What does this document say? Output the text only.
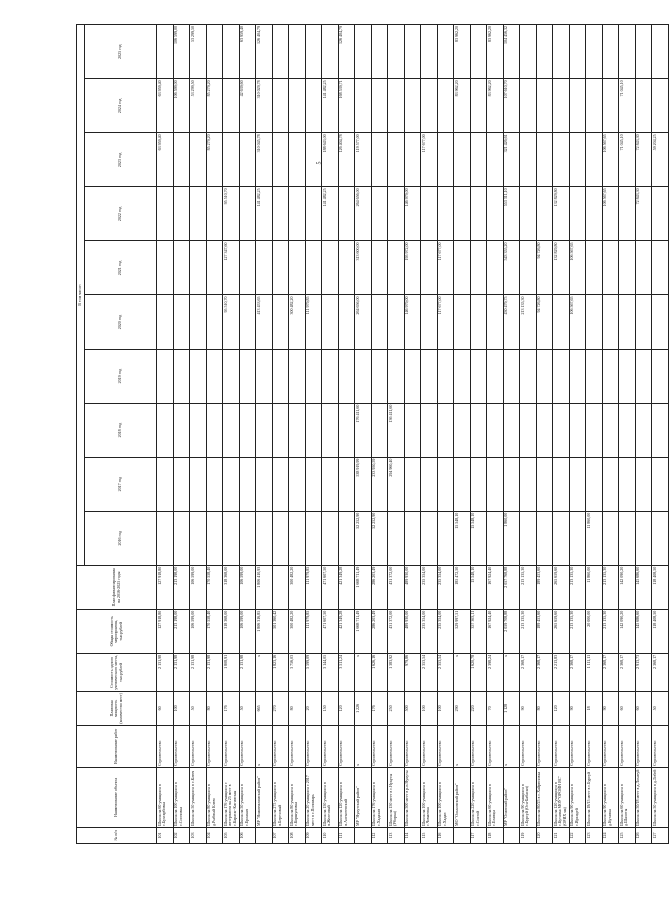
5
№ п/п	Наименование объекта	Наименование работ	Плановая мощность (количество мест)	Стоимость одного ученического места, тыс.рублей	Общая стоимость мероприятия, тыс.рублей	План финансирования на 2016-2025 годы	В том числе:									
							2016 год	2017 год	2018 год	2019 год	2020 год	2021 год	2022 год	2023 год	2024 год	2025 год
101	Школа на 60 учащихся в с.Бухтарбовка	Строительство	60	2 131,98	127 918,80	127 918,80								63 959,40	63 959,40	
102	Школа на 100 учащихся в с.Сосновка	Строительство	100	2 131,98	213 198,00	213 198,00									106 599,00	106 599,00
103	Школа на 50 учащихся в с.Ключ	Строительство	50	2 131,98	106 599,00	106 599,00									53 299,50	53 299,50
104	Школа на 80 учащихся в д.Рыбный Ключ	Строительство	80	2 131,98	170 558,40	170 558,40								85 279,20	85 279,20	
105	Школа на 176 учащихся с интернатом на 25 мест в с.Каратаг-Кигинская	Строительство	176	1 808,91	318 368,00	318 368,00					95 510,70	127 347,60	95 510,70			
106	Школа на 50 учащихся в с.Ерлакан	Строительство	50	2 131,98	106 599,00	106 599,00									42 639,60	63 959,40
	МР "Нижнеилимский район"	х	665	х	1 806 316,85	1 806 410,93					413 453,65		141 482,25	310 045,78	310 029,78	126 404,79
107	Школа на 275 учащихся в п.Березовый	Строительство	270	1 823,16	501 360,42											
108	Школа на 80 учащихся в с.Коршуновка	Строительство	80	3 756,03	300 482,20	300 482,20					300 482,20					
109	Школа на 20 учащихся с 2017 мест в с.Пономарь	Строительство	20	5 599,09	111 979,85	111 979,85					111 979,85					
110	Школа на 150 учащихся в п.Железный	Строительство	150	3 144,05	471 607,50	471 607,50							141 482,25	188 643,00	141 482,25	
111	Школа на 120 учащихся в п.Алексеевский	Строительство	120	3 511,24	421 349,28	421 349,28								126 404,78	168 539,71	126 404,79
	МР "Нукутский район"	х	1 226	х	1 668 711,49	1 668 711,49	52 252,90	538 919,99	176 411,60		264 656,00	313 600,00	264 656,00	119 577,00		
112	Школа на 176 учащихся в с.Хадахан	Строительство	176	1 626,16	286 203,49	286 203,49	52 252,90	233 950,59								
113	Школа на 150 мест в с.Нукуты (Уборка)	Строительство	250	1 383,92	431 372,00	431 372,00		294 960,40	136 411,60							
114	Школа на 500 мест в р.п.Нукуты	Строительство	500	979,86	489 930,00	489 930,00					146 979,00	195 972,00	146 979,00			
115	Школа на 100 учащихся в с.Чичаевка	Строительство	100	2 353,54	235 354,00	235 354,00								117 677,00		
116	Школа на 100 учащихся в с.Хадан	Строительство	100	2 353,54	235 354,00	235 354,00					117 677,00	117 677,00				
	МО "Ольхонский район"	х	290	х	529 997,51	185 472,50	15 548,10								83 962,20	83 962,20
117	Школа на 220 учащихся в с.Сохтой	Строительство	220	1 620,78	357 363,11	15 548,10	15 548,10									
118	Школа на 60 учащихся в с.Еланцы	Строительство	70	2 398,24	167 924,40	167 924,40									83 962,20	83 962,20
	МР "Осинский район"	х	1 128	х	2 059 708,88	2 057 768,88	1 860,00				430 479,75	543 355,20	553 311,10	321 426,61	107 610,70	104 456,32
119	Школа на 90 учащихся в с.Бурсуй (Оса-Бабасан)	Строительство	90	2 368,17	213 135,30	213 135,30					213 135,30					
120	Школа на 80/25 в с.Хайрюзовка	Строительство	80	2 368,17	189 453,60	189 453,60					94 726,80	94 726,80				
121	Школа на 120 учащихся в с.Кутанка МОУ"ОРОЙН ЯС" (ОРИХ ма)	Строительство	120	2 213,83	265 659,60	265 659,60						132 829,80	132 829,80			
122	Школа на 90 учащихся в с.Ирхидей	Строительство	90	2 368,17	213 135,30	213 135,30					106 567,65	106 567,65				
123	Школа на 18/15 мест в с.Бурсуй	Строительство	18	1 111,11	20 000,00	11 860,00	11 860,00									
124	Школа на 90 учащихся в д.Кутанка	Строительство	90	2 368,17	213 135,30	213 135,30							106 567,65	106 567,65		
125	Школа на 60 учащихся в д.Шалоты	Строительство	60	2 368,17	142 090,20	142 090,20								71 045,10	71 045,10	
126	Школа на 50/18 мест в д.Лохатуй	Строительство	60	2 913,73	145 686,60	145 686,60							72 843,30	72 843,30		
127	Школа на 50 учащихся в д.Лобей	Строительство	50	2 368,17	118 408,50	118 408,50								59 204,25		
